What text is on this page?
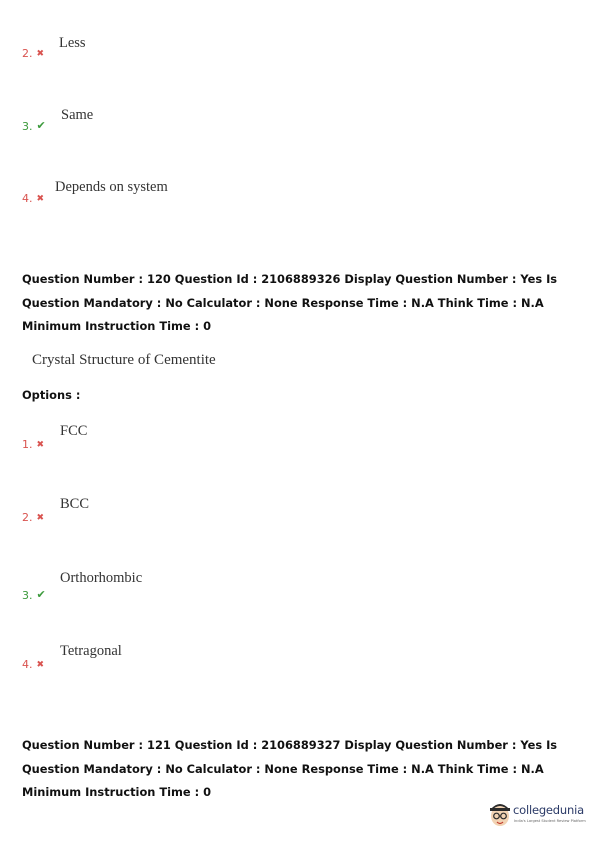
2. ✖
Less
3. ✔
Same
4. ✖
Depends on system
Question Number : 120 Question Id : 2106889326 Display Question Number : Yes Is Question Mandatory : No Calculator : None Response Time : N.A Think Time : N.A Minimum Instruction Time : 0
Crystal Structure of Cementite
Options :
1. ✖
FCC
2. ✖
BCC
3. ✔
Orthorhombic
4. ✖
Tetragonal
Question Number : 121 Question Id : 2106889327 Display Question Number : Yes Is Question Mandatory : No Calculator : None Response Time : N.A Think Time : N.A Minimum Instruction Time : 0
collegedunia
India's Largest Student Review Platform
